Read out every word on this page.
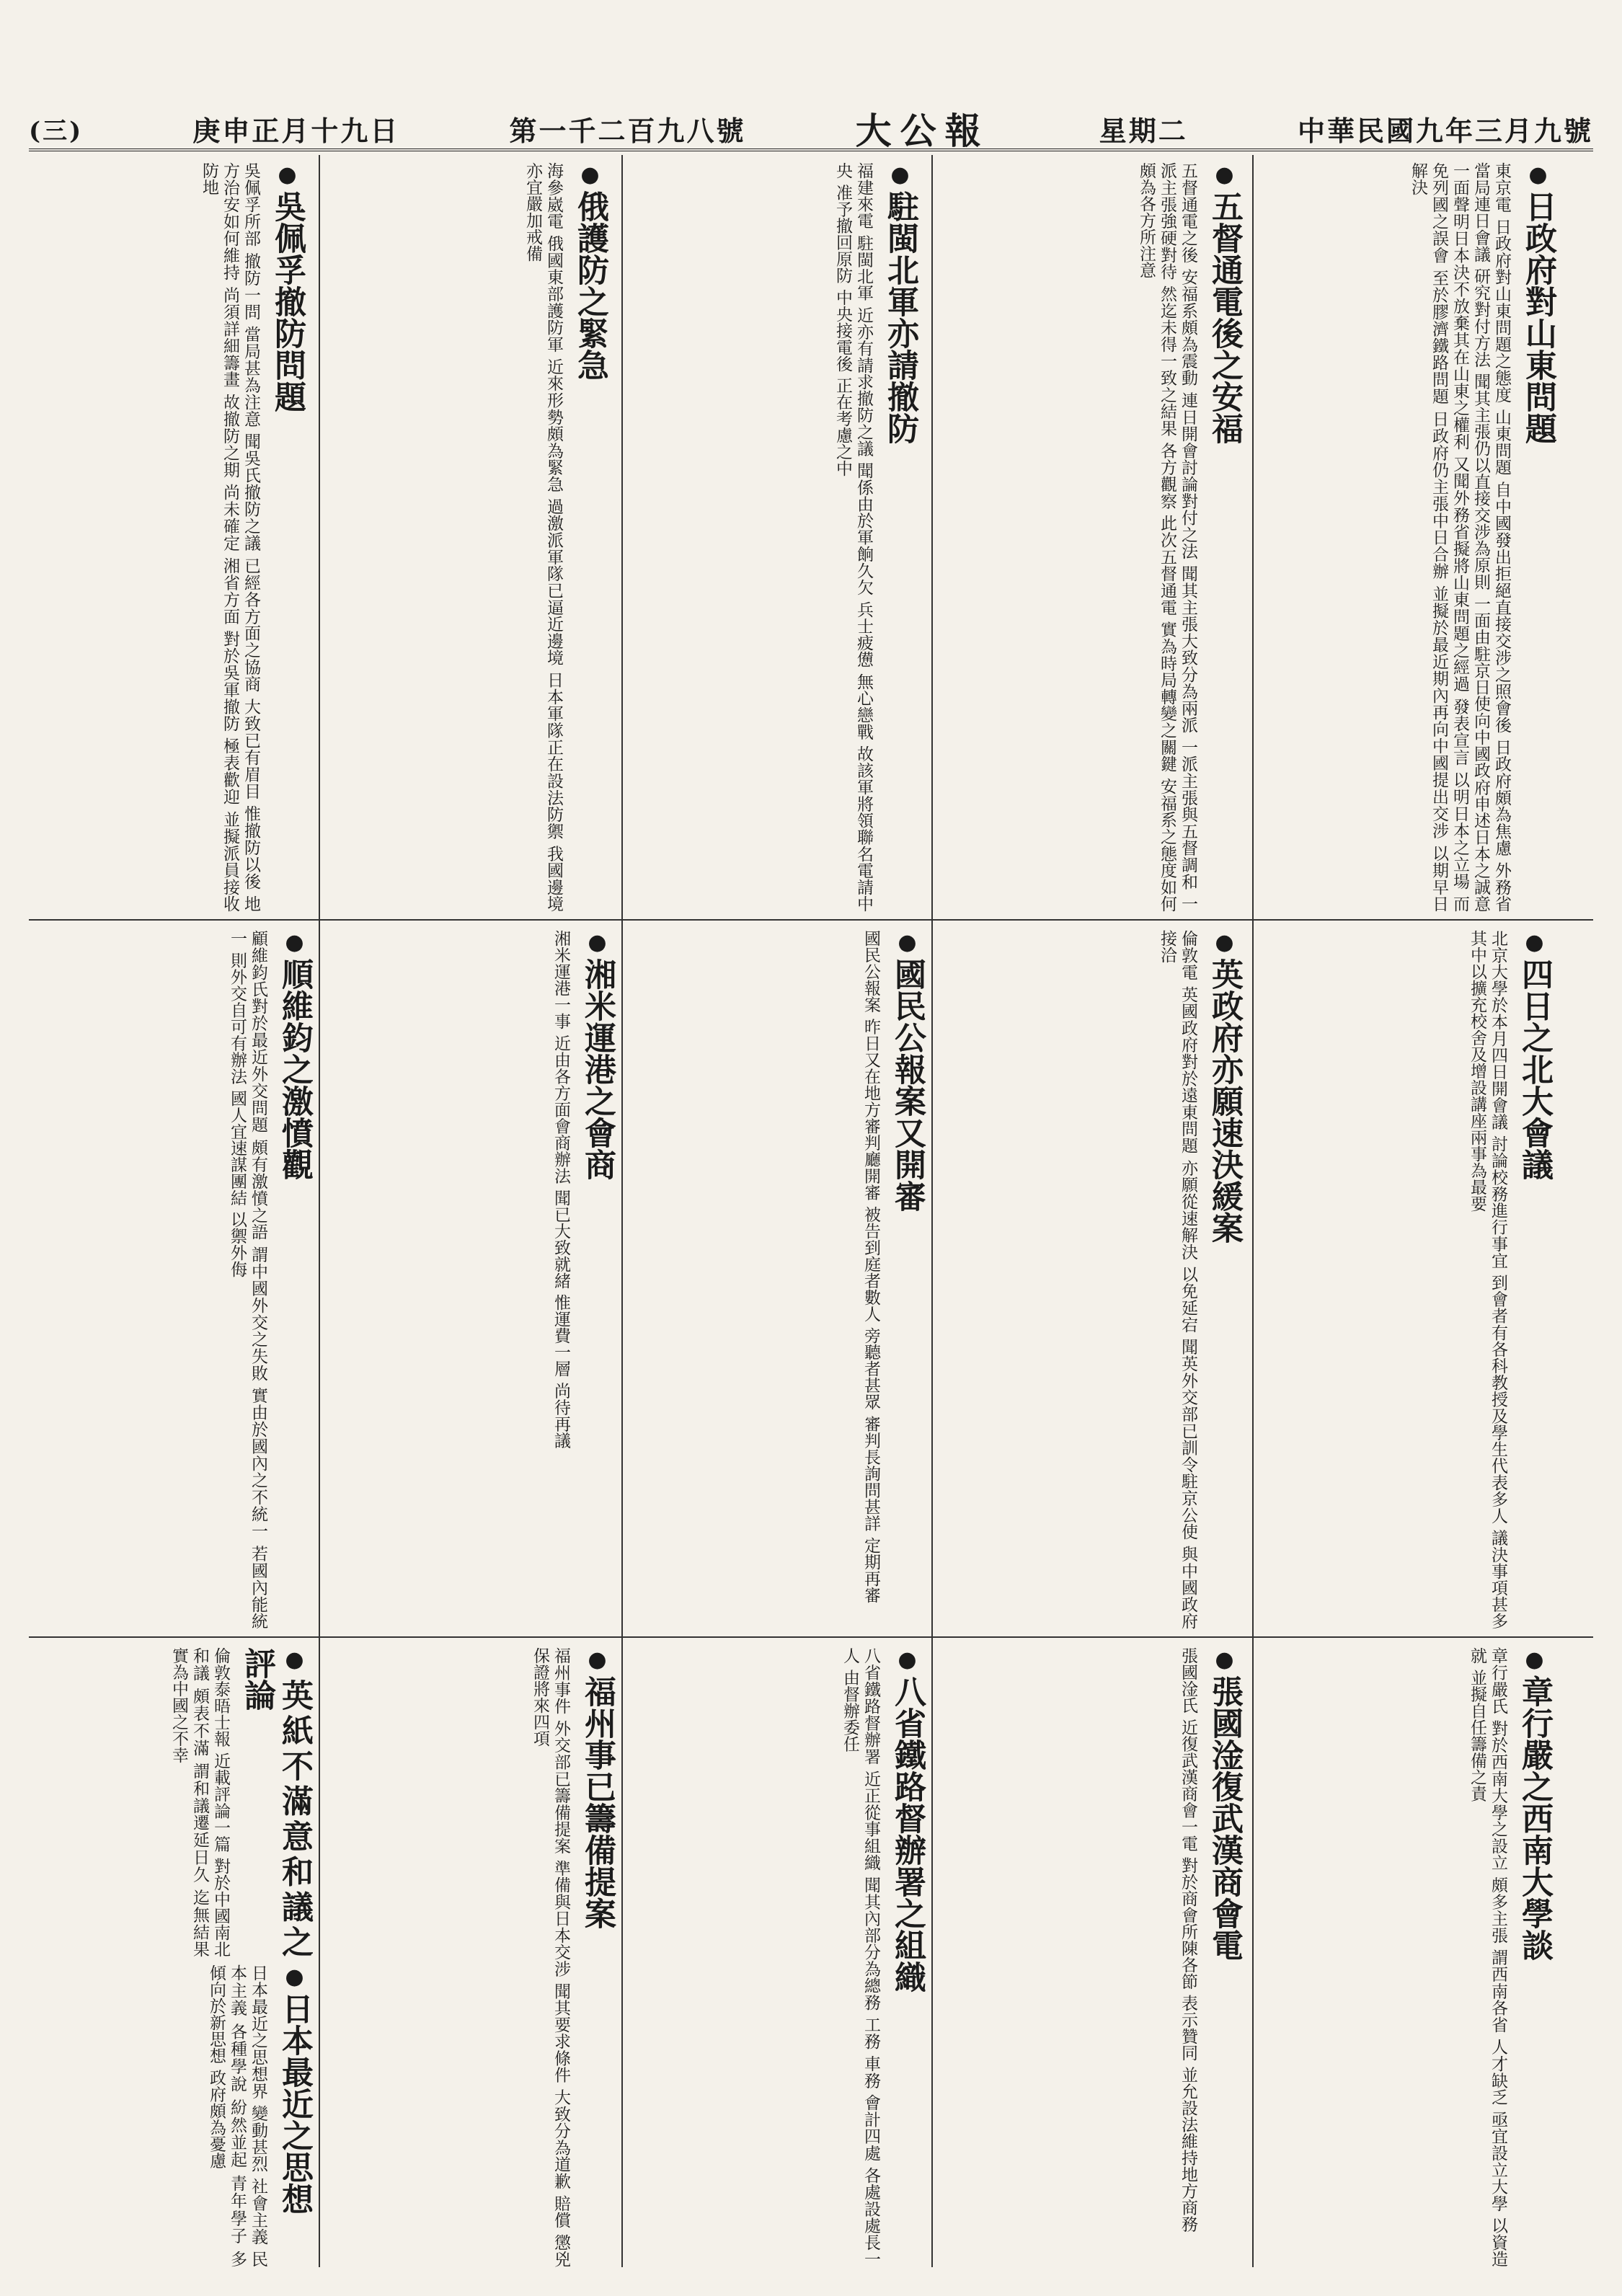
(三)	庚申正月十九日	第一千二百九八號	大公報	星期二	中華民國九年三月九號
● 日政府對山東問題
東京電 日政府對山東問題之態度 山東問題 自中國發出拒絕直接交涉之照會後 日政府頗為焦慮 外務省當局連日會議 研究對付方法 聞其主張仍以直接交涉為原則 一面由駐京日使向中國政府申述日本之誠意 一面聲明日本決不放棄其在山東之權利 又聞外務省擬將山東問題之經過 發表宣言 以明日本之立場 而免列國之誤會 至於膠濟鐵路問題 日政府仍主張中日合辦 並擬於最近期內再向中國提出交涉 以期早日解決
● 五督通電後之安福
五督通電之後 安福系頗為震動 連日開會討論對付之法 聞其主張大致分為兩派 一派主張與五督調和 一派主張強硬對待 然迄未得一致之結果 各方觀察 此次五督通電 實為時局轉變之關鍵 安福系之態度如何 頗為各方所注意
● 駐閩北軍亦請撤防
福建來電 駐閩北軍 近亦有請求撤防之議 聞係由於軍餉久欠 兵士疲憊 無心戀戰 故該軍將領聯名電請中央 准予撤回原防 中央接電後 正在考慮之中
● 俄護防之緊急
海參崴電 俄國東部護防軍 近來形勢頗為緊急 過激派軍隊已逼近邊境 日本軍隊正在設法防禦 我國邊境亦宜嚴加戒備
● 吳佩孚撤防問題
吳佩孚所部 撤防一問 當局甚為注意 聞吳氏撤防之議 已經各方面之協商 大致已有眉目 惟撤防以後 地方治安如何維持 尚須詳細籌畫 故撤防之期 尚未確定 湘省方面 對於吳軍撤防 極表歡迎 並擬派員接收防地
● 四日之北大會議
北京大學於本月四日開會議 討論校務進行事宜 到會者有各科教授及學生代表多人 議決事項甚多 其中以擴充校舍及增設講座兩事為最要
● 英政府亦願速決緩案
倫敦電 英國政府對於遠東問題 亦願從速解決 以免延宕 聞英外交部已訓令駐京公使 與中國政府接洽
● 國民公報案又開審
國民公報案 昨日又在地方審判廳開審 被告到庭者數人 旁聽者甚眾 審判長詢問甚詳 定期再審
● 湘米運港之會商
湘米運港一事 近由各方面會商辦法 聞已大致就緒 惟運費一層 尚待再議
● 順維鈞之激憤觀
顧維鈞氏對於最近外交問題 頗有激憤之語 謂中國外交之失敗 實由於國內之不統一 若國內能統一 則外交自可有辦法 國人宜速謀團結 以禦外侮
● 章行嚴之西南大學談
章行嚴氏 對於西南大學之設立 頗多主張 謂西南各省 人才缺乏 亟宜設立大學 以資造就 並擬自任籌備之責
● 張國淦復武漢商會電
張國淦氏 近復武漢商會一電 對於商會所陳各節 表示贊同 並允設法維持地方商務
● 八省鐵路督辦署之組織
八省鐵路督辦署 近正從事組織 聞其內部分為總務 工務 車務 會計四處 各處設處長一人 由督辦委任
● 福州事已籌備提案
福州事件 外交部已籌備提案 準備與日本交涉 聞其要求條件 大致分為道歉 賠償 懲兇 保證將來四項
● 英紙不滿意和議之評論
倫敦泰晤士報 近載評論一篇 對於中國南北和議 頗表不滿 謂和議遷延日久 迄無結果 實為中國之不幸
● 日本最近之思想
日本最近之思想界 變動甚烈 社會主義 民本主義 各種學說 紛然並起 青年學子 多傾向於新思想 政府頗為憂慮
